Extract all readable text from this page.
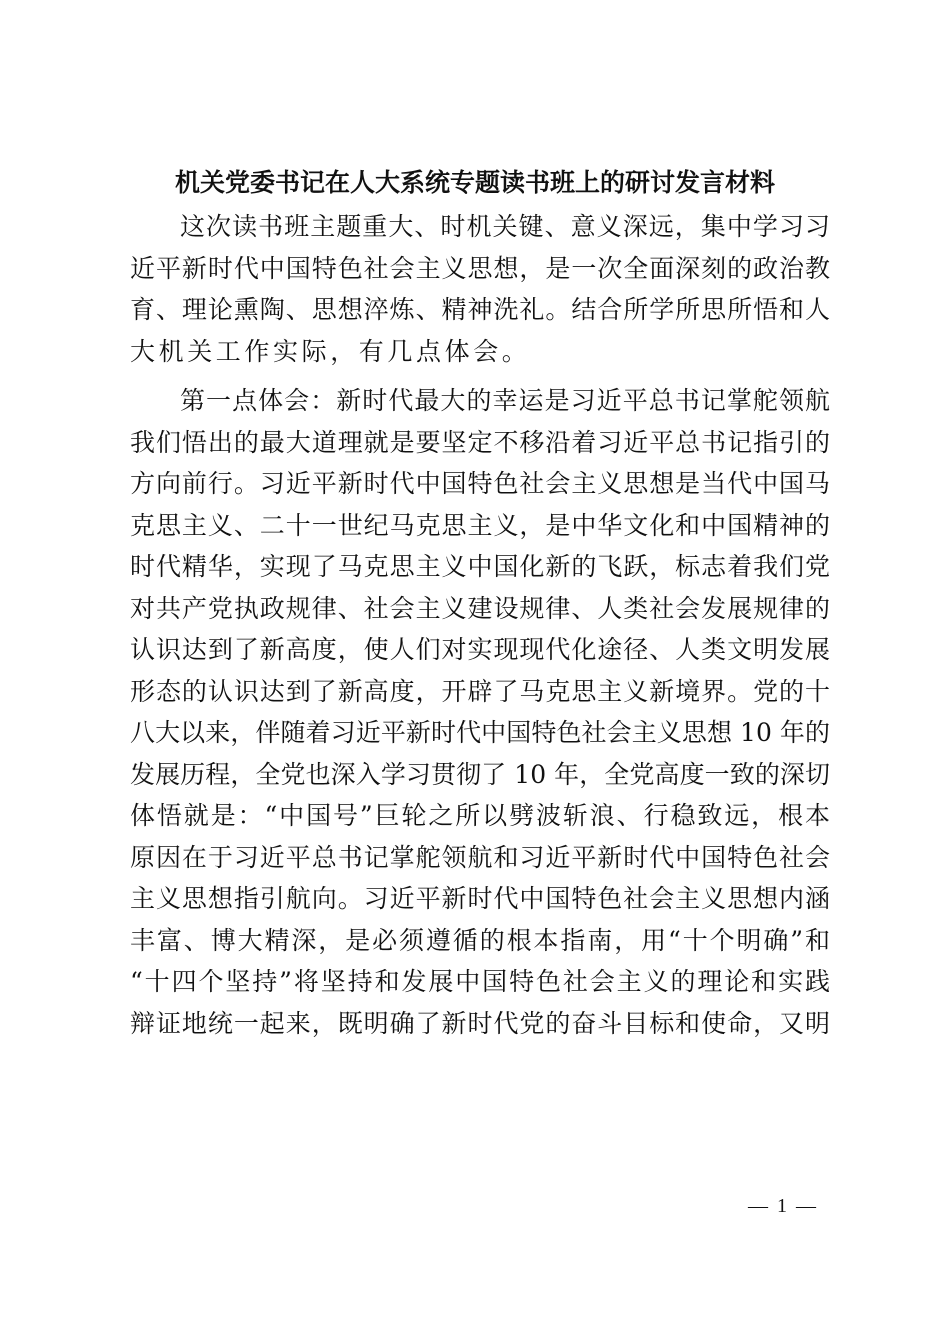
机关党委书记在人大系统专题读书班上的研讨发言材料
这次读书班主题重大、时机关键、意义深远，集中学习习
近平新时代中国特色社会主义思想，是一次全面深刻的政治教
育、理论熏陶、思想淬炼、精神洗礼。结合所学所思所悟和人
大机关工作实际，有几点体会。
第一点体会：新时代最大的幸运是习近平总书记掌舵领航
我们悟出的最大道理就是要坚定不移沿着习近平总书记指引的
方向前行。习近平新时代中国特色社会主义思想是当代中国马
克思主义、二十一世纪马克思主义，是中华文化和中国精神的
时代精华，实现了马克思主义中国化新的飞跃，标志着我们党
对共产党执政规律、社会主义建设规律、人类社会发展规律的
认识达到了新高度，使人们对实现现代化途径、人类文明发展
形态的认识达到了新高度，开辟了马克思主义新境界。党的十
八大以来，伴随着习近平新时代中国特色社会主义思想 10 年的
发展历程，全党也深入学习贯彻了 10 年，全党高度一致的深切
体悟就是：“中国号”巨轮之所以劈波斩浪、行稳致远，根本
原因在于习近平总书记掌舵领航和习近平新时代中国特色社会
主义思想指引航向。习近平新时代中国特色社会主义思想内涵
丰富、博大精深，是必须遵循的根本指南，用“十个明确”和
“十四个坚持”将坚持和发展中国特色社会主义的理论和实践
辩证地统一起来，既明确了新时代党的奋斗目标和使命，又明
— 1 —
